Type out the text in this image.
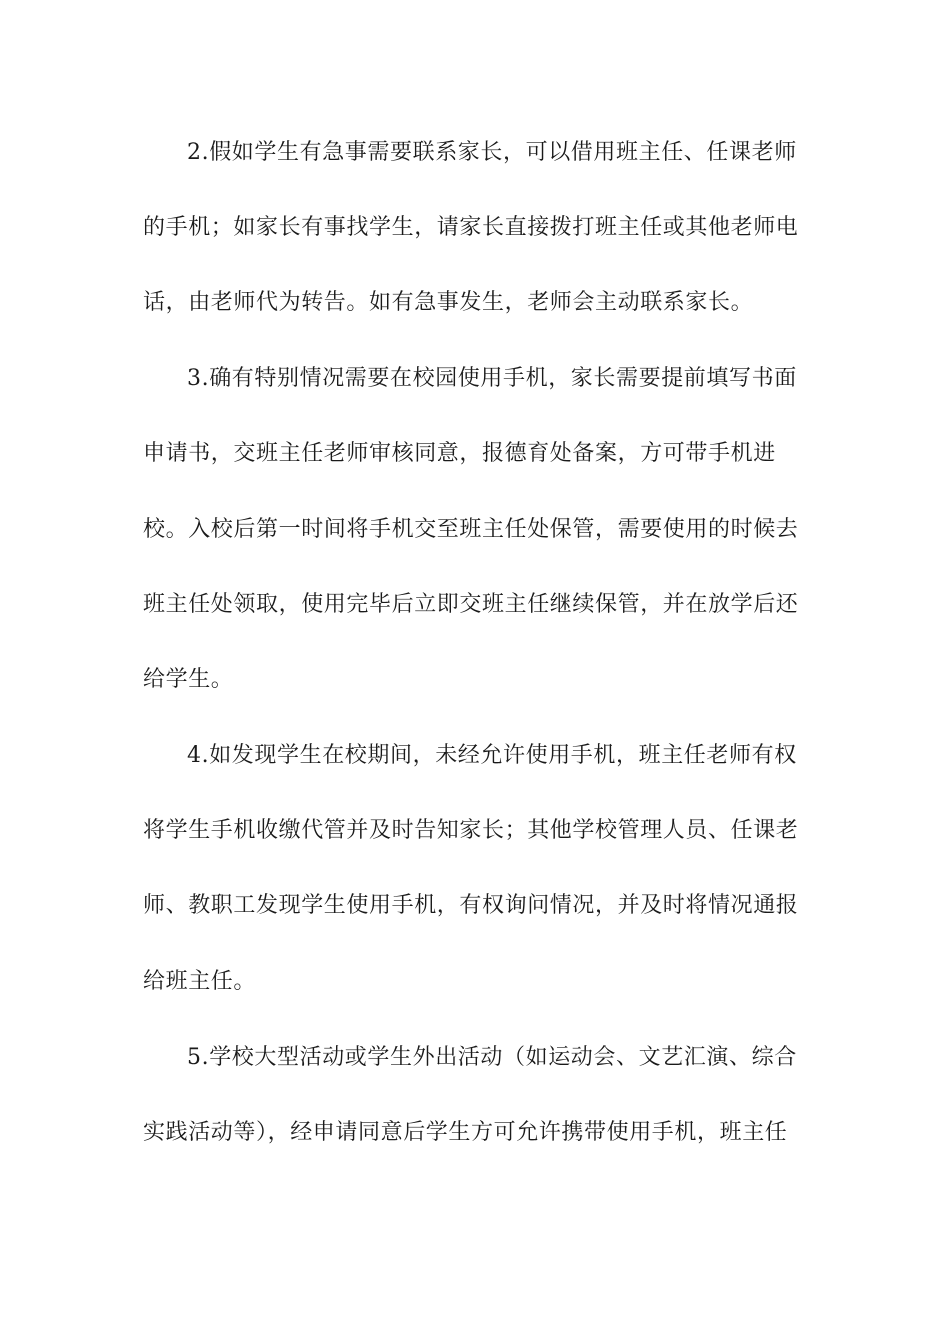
2.假如学生有急事需要联系家长，可以借用班主任、任课老师
的手机；如家长有事找学生，请家长直接拨打班主任或其他老师电
话，由老师代为转告。如有急事发生，老师会主动联系家长。
3.确有特别情况需要在校园使用手机，家长需要提前填写书面
申请书，交班主任老师审核同意，报德育处备案，方可带手机进
校。入校后第一时间将手机交至班主任处保管，需要使用的时候去
班主任处领取，使用完毕后立即交班主任继续保管，并在放学后还
给学生。
4.如发现学生在校期间，未经允许使用手机，班主任老师有权
将学生手机收缴代管并及时告知家长；其他学校管理人员、任课老
师、教职工发现学生使用手机，有权询问情况，并及时将情况通报
给班主任。
5.学校大型活动或学生外出活动（如运动会、文艺汇演、综合
实践活动等），经申请同意后学生方可允许携带使用手机，班主任
